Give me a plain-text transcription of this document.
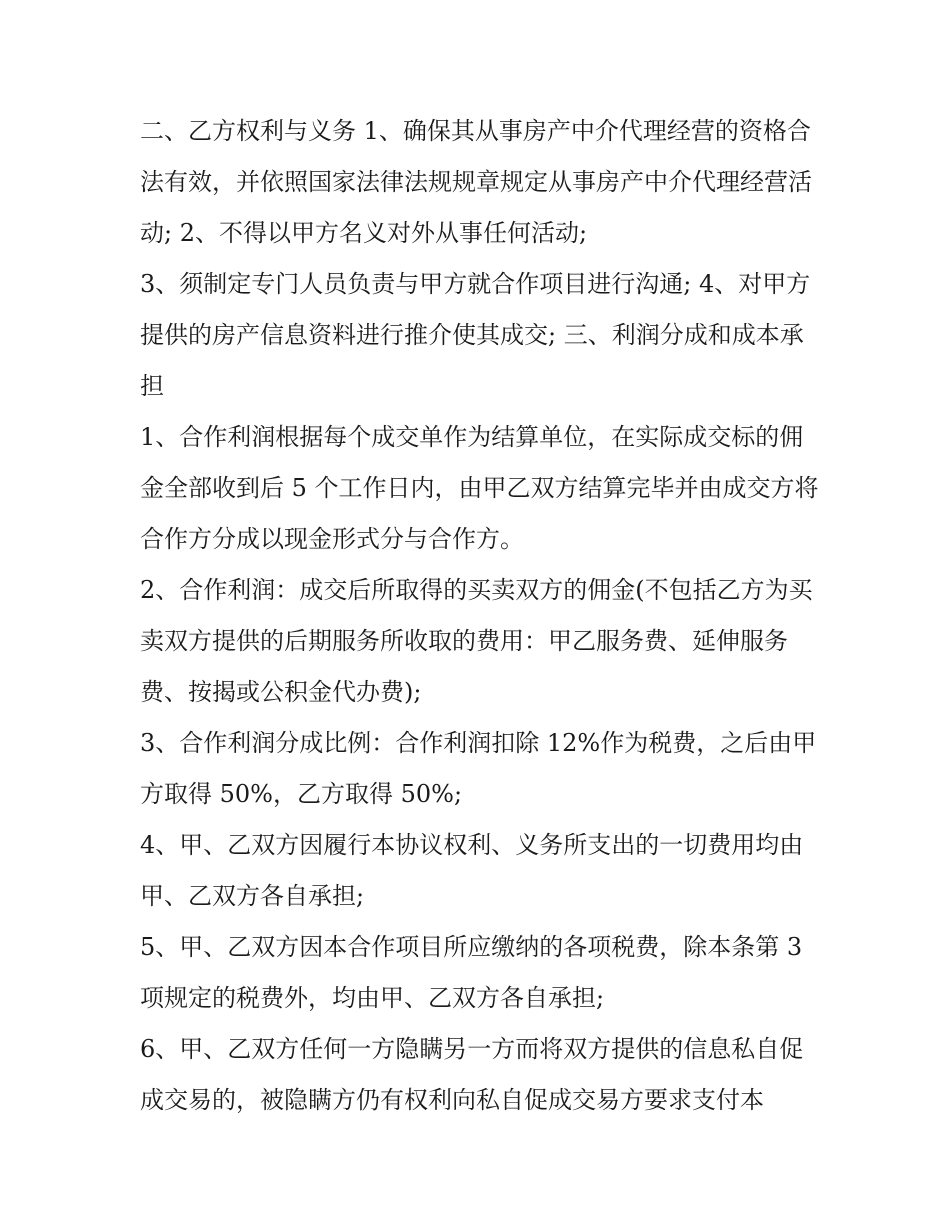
二、乙方权利与义务 1、确保其从事房产中介代理经营的资格合法有效，并依照国家法律法规规章规定从事房产中介代理经营活动; 2、不得以甲方名义对外从事任何活动;

3、须制定专门人员负责与甲方就合作项目进行沟通; 4、对甲方提供的房产信息资料进行推介使其成交; 三、利润分成和成本承担

1、合作利润根据每个成交单作为结算单位，在实际成交标的佣金全部收到后 5 个工作日内，由甲乙双方结算完毕并由成交方将合作方分成以现金形式分与合作方。

2、合作利润：成交后所取得的买卖双方的佣金(不包括乙方为买卖双方提供的后期服务所收取的费用：甲乙服务费、延伸服务费、按揭或公积金代办费);

3、合作利润分成比例：合作利润扣除 12%作为税费，之后由甲方取得 50%，乙方取得 50%;

4、甲、乙双方因履行本协议权利、义务所支出的一切费用均由甲、乙双方各自承担;

5、甲、乙双方因本合作项目所应缴纳的各项税费，除本条第 3 项规定的税费外，均由甲、乙双方各自承担;

6、甲、乙双方任何一方隐瞒另一方而将双方提供的信息私自促成交易的，被隐瞒方仍有权利向私自促成交易方要求支付本
